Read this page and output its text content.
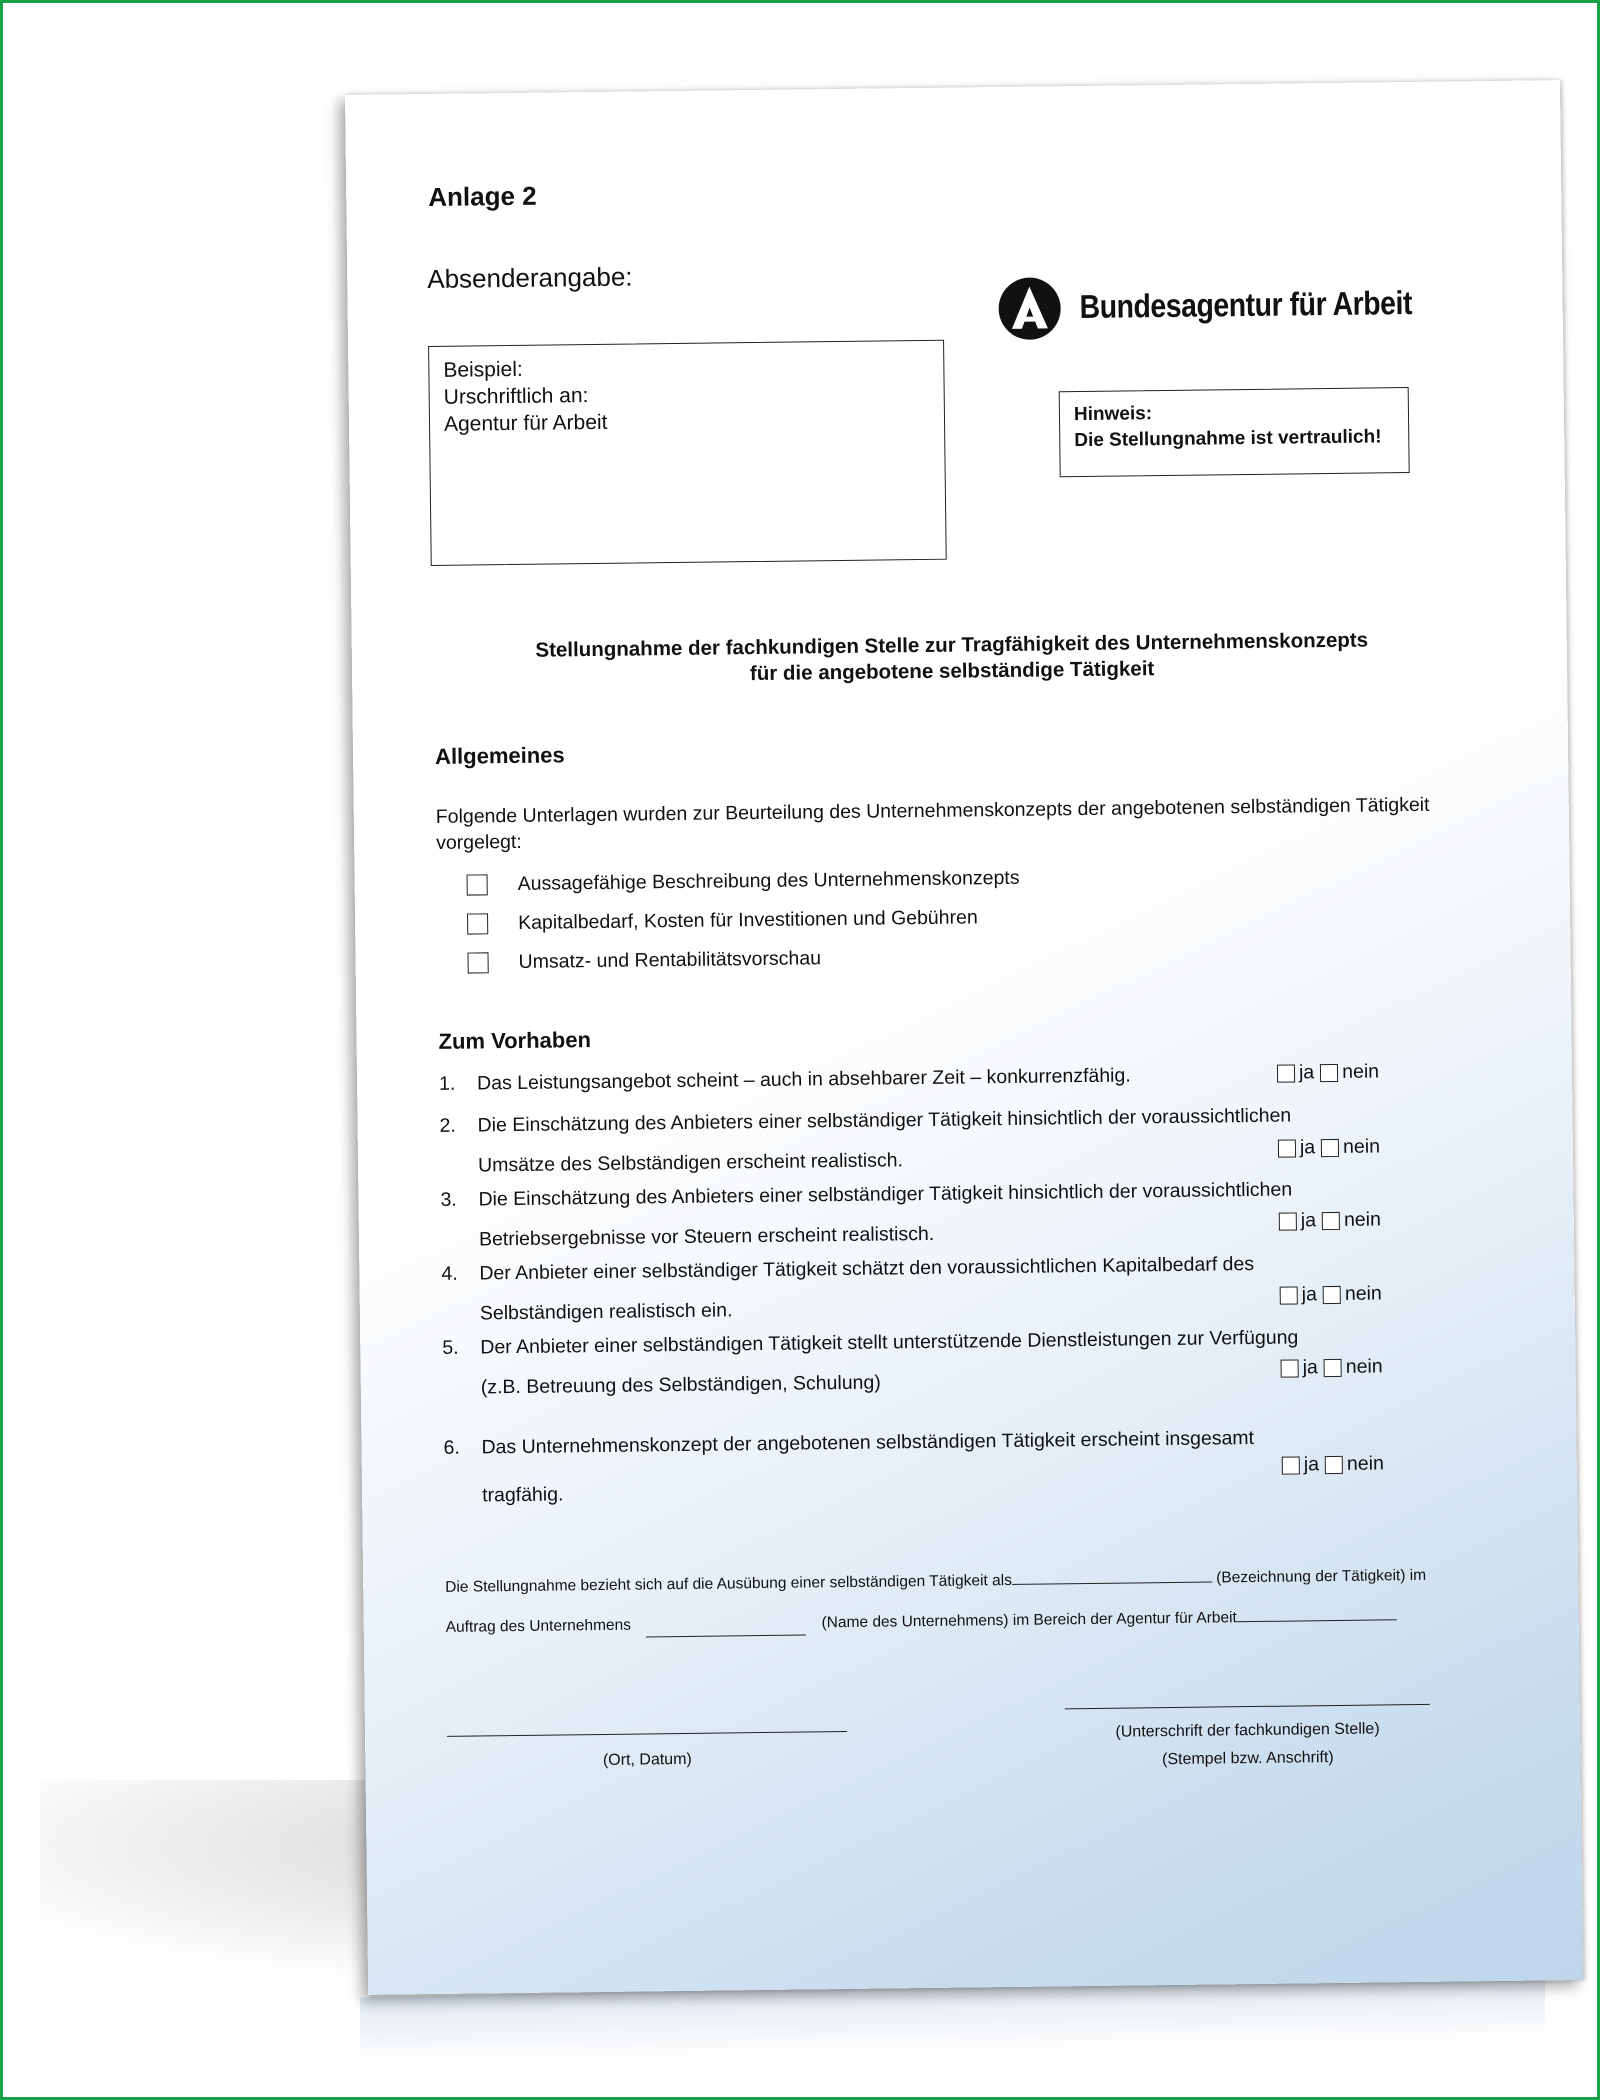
Anlage 2
Absenderangabe:
Bundesagentur für Arbeit
Beispiel:
Urschriftlich an:
Agentur für Arbeit	Hinweis:
Die Stellungnahme ist vertraulich!
Stellungnahme der fachkundigen Stelle zur Tragfähigkeit des Unternehmenskonzepts
für die angebotene selbständige Tätigkeit
Allgemeines
Folgende Unterlagen wurden zur Beurteilung des Unternehmenskonzepts der angebotenen selbständigen Tätigkeit vorgelegt:
Aussagefähige Beschreibung des Unternehmenskonzepts
Kapitalbedarf, Kosten für Investitionen und Gebühren
Umsatz- und Rentabilitätsvorschau
Zum Vorhaben
1.	Das Leistungsangebot scheint – auch in absehbarer Zeit – konkurrenzfähig.	ja nein
2.	Die Einschätzung des Anbieters einer selbständiger Tätigkeit hinsichtlich der voraussichtlichen
Umsätze des Selbständigen erscheint realistisch.
ja nein
3.	Die Einschätzung des Anbieters einer selbständiger Tätigkeit hinsichtlich der voraussichtlichen
Betriebsergebnisse vor Steuern erscheint realistisch.
ja nein
4.	Der Anbieter einer selbständiger Tätigkeit schätzt den voraussichtlichen Kapitalbedarf des
Selbständigen realistisch ein.
ja nein
5.	Der Anbieter einer selbständigen Tätigkeit stellt unterstützende Dienstleistungen zur Verfügung
(z.B. Betreuung des Selbständigen, Schulung)
ja nein
6.	Das Unternehmenskonzept der angebotenen selbständigen Tätigkeit erscheint insgesamt
tragfähig.
ja nein
Die Stellungnahme bezieht sich auf die Ausübung einer selbständigen Tätigkeit als	(Bezeichnung der Tätigkeit) im
Auftrag des Unternehmens	(Name des Unternehmens) im Bereich der Agentur für Arbeit
(Ort, Datum)
(Unterschrift der fachkundigen Stelle)
(Stempel bzw. Anschrift)
